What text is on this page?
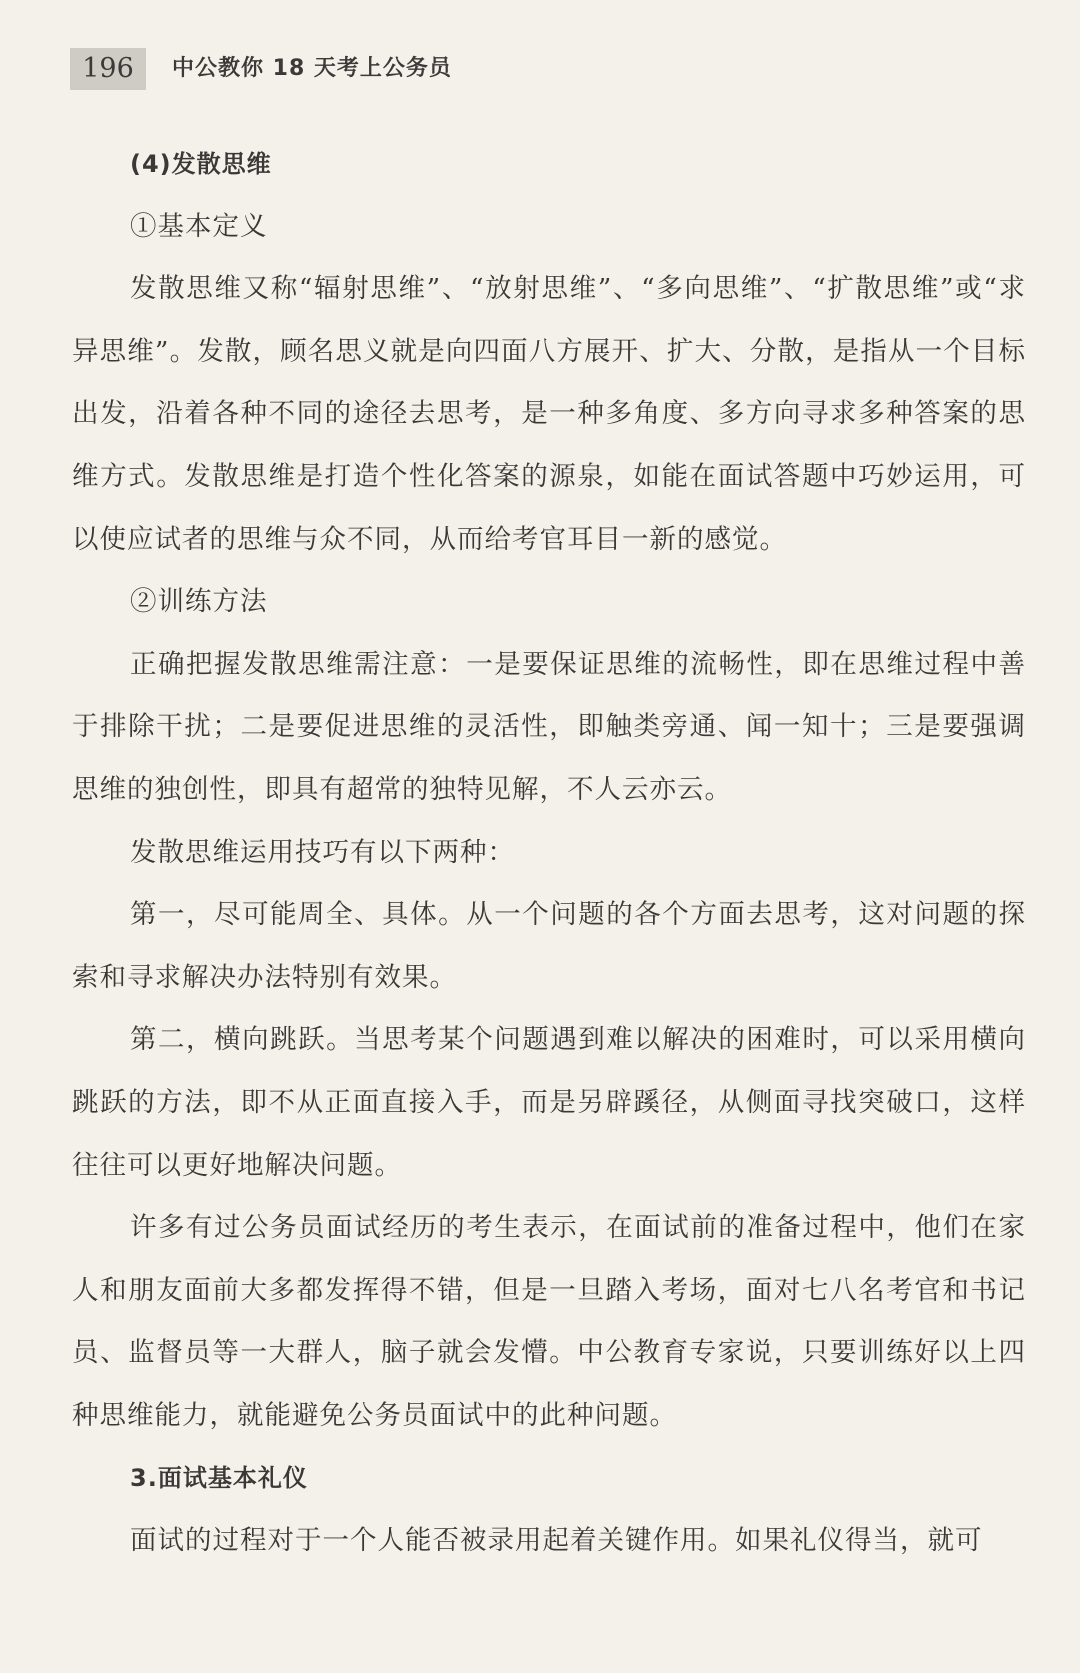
196	中公教你 18 天考上公务员

(4)发散思维

①基本定义

发散思维又称“辐射思维”、“放射思维”、“多向思维”、“扩散思维”或“求异思维”。发散，顾名思义就是向四面八方展开、扩大、分散，是指从一个目标出发，沿着各种不同的途径去思考，是一种多角度、多方向寻求多种答案的思维方式。发散思维是打造个性化答案的源泉，如能在面试答题中巧妙运用，可以使应试者的思维与众不同，从而给考官耳目一新的感觉。

②训练方法

正确把握发散思维需注意：一是要保证思维的流畅性，即在思维过程中善于排除干扰；二是要促进思维的灵活性，即触类旁通、闻一知十；三是要强调思维的独创性，即具有超常的独特见解，不人云亦云。

发散思维运用技巧有以下两种：

第一，尽可能周全、具体。从一个问题的各个方面去思考，这对问题的探索和寻求解决办法特别有效果。

第二，横向跳跃。当思考某个问题遇到难以解决的困难时，可以采用横向跳跃的方法，即不从正面直接入手，而是另辟蹊径，从侧面寻找突破口，这样往往可以更好地解决问题。

许多有过公务员面试经历的考生表示，在面试前的准备过程中，他们在家人和朋友面前大多都发挥得不错，但是一旦踏入考场，面对七八名考官和书记员、监督员等一大群人，脑子就会发懵。中公教育专家说，只要训练好以上四种思维能力，就能避免公务员面试中的此种问题。

3.面试基本礼仪

面试的过程对于一个人能否被录用起着关键作用。如果礼仪得当，就可
